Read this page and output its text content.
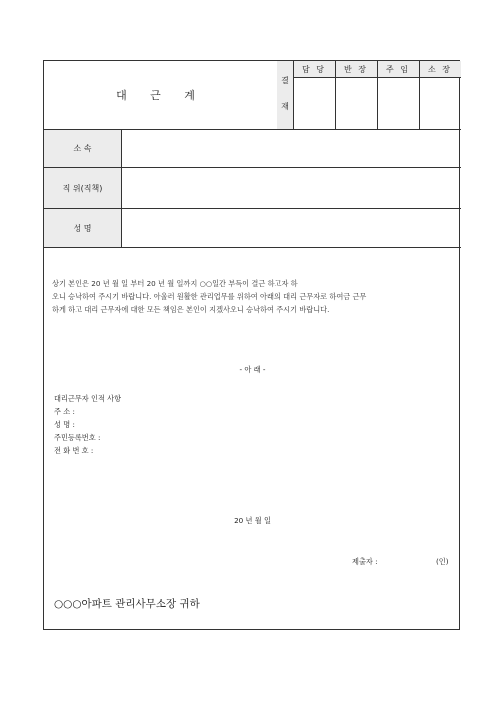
대 근 계
결
재
담 당	반 장	주 임	소 장
소 속
직 위(직책)
성 명
상기 본인은 20 년 월 일 부터 20 년 월 일까지 ○○일간 부득이 결근 하고자 하
오니 승낙하여 주시기 바랍니다. 아울러 원활한 관리업무를 위하여 아래의 대리 근무자로 하여금 근무
하게 하고 대리 근무자에 대한 모든 책임은 본인이 지겠사오니 승낙하여 주시기 바랍니다.
- 아 래 -
대리근무자 인적 사항
주 소 :
성 명 :
주민등록번호 :
전 화 번 호 :
20 년 월 일
제출자 :	(인)
○○○아파트 관리사무소장 귀하
